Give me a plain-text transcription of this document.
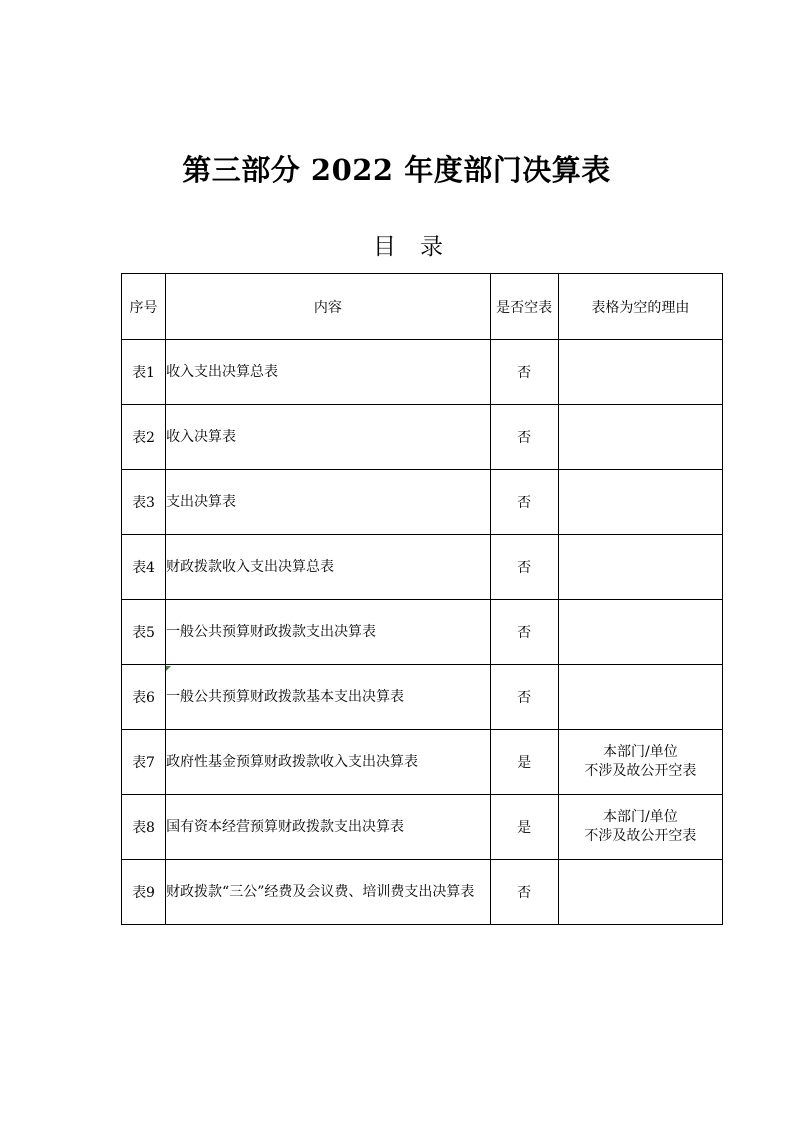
第三部分 2022 年度部门决算表
目录
序号	内容	是否空表	表格为空的理由
表1	收入支出决算总表	否	
表2	收入决算表	否	
表3	支出决算表	否	
表4	财政拨款收入支出决算总表	否	
表5	一般公共预算财政拨款支出决算表	否	
表6	一般公共预算财政拨款基本支出决算表	否	
表7	政府性基金预算财政拨款收入支出决算表	是	本部门/单位
不涉及故公开空表

表8	国有资本经营预算财政拨款支出决算表	是	本部门/单位
不涉及故公开空表

表9	财政拨款“三公”经费及会议费、培训费支出决算表	否	
